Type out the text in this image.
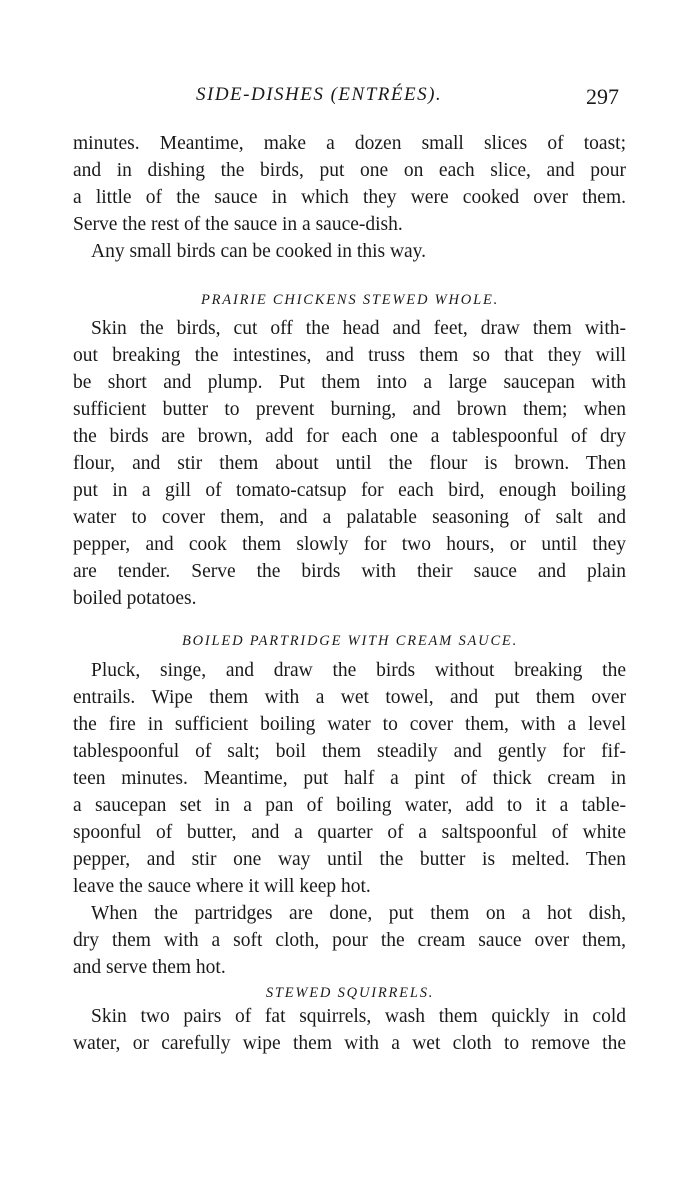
SIDE-DISHES (ENTRÉES).	297
minutes. Meantime, make a dozen small slices of toast;
and in dishing the birds, put one on each slice, and pour
a little of the sauce in which they were cooked over them.
Serve the rest of the sauce in a sauce-dish.
Any small birds can be cooked in this way.
PRAIRIE CHICKENS STEWED WHOLE.
Skin the birds, cut off the head and feet, draw them with-
out breaking the intestines, and truss them so that they will
be short and plump. Put them into a large saucepan with
sufficient butter to prevent burning, and brown them; when
the birds are brown, add for each one a tablespoonful of dry
flour, and stir them about until the flour is brown. Then
put in a gill of tomato-catsup for each bird, enough boiling
water to cover them, and a palatable seasoning of salt and
pepper, and cook them slowly for two hours, or until they
are tender. Serve the birds with their sauce and plain
boiled potatoes.
BOILED PARTRIDGE WITH CREAM SAUCE.
Pluck, singe, and draw the birds without breaking the
entrails. Wipe them with a wet towel, and put them over
the fire in sufficient boiling water to cover them, with a level
tablespoonful of salt; boil them steadily and gently for fif-
teen minutes. Meantime, put half a pint of thick cream in
a saucepan set in a pan of boiling water, add to it a table-
spoonful of butter, and a quarter of a saltspoonful of white
pepper, and stir one way until the butter is melted. Then
leave the sauce where it will keep hot.
When the partridges are done, put them on a hot dish,
dry them with a soft cloth, pour the cream sauce over them,
and serve them hot.
STEWED SQUIRRELS.
Skin two pairs of fat squirrels, wash them quickly in cold
water, or carefully wipe them with a wet cloth to remove the
